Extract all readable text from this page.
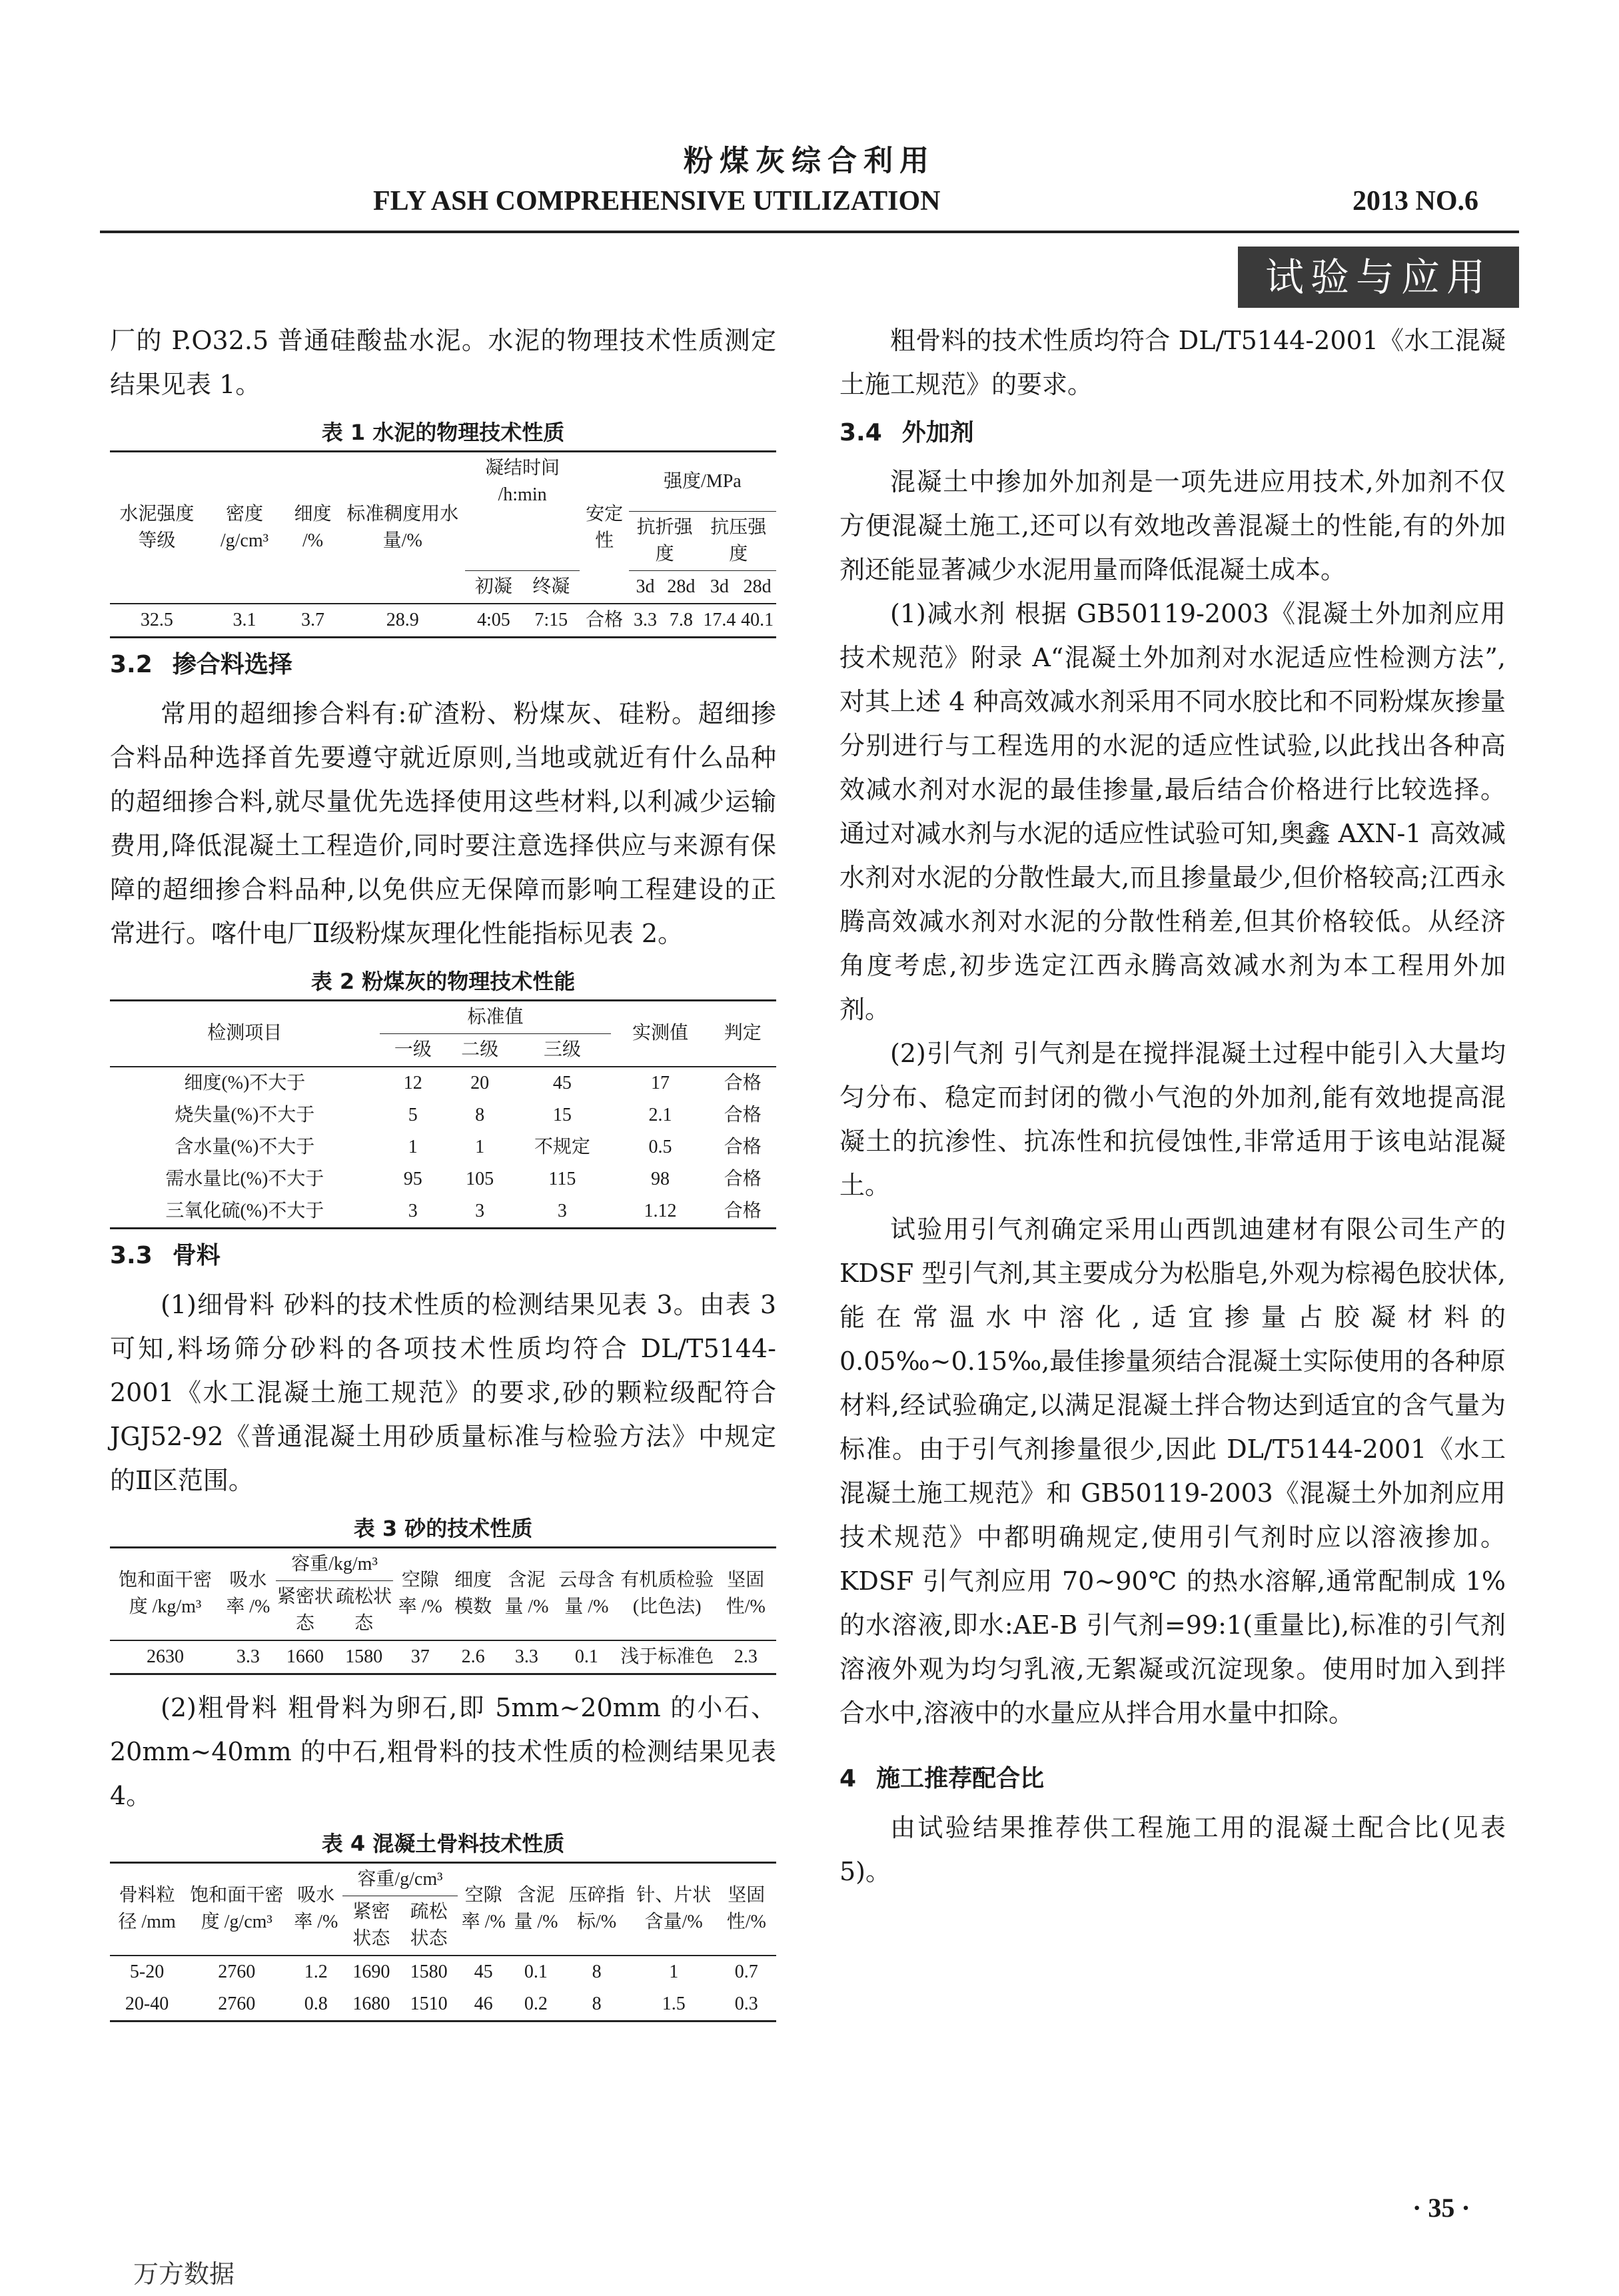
粉煤灰综合利用
FLY ASH COMPREHENSIVE UTILIZATION	2013 NO.6
试验与应用

厂的 P.O32.5 普通硅酸盐水泥。水泥的物理技术性质测定结果见表 1。

表 1 水泥的物理技术性质
水泥强度等级	密度 /g/cm³	细度 /%	标准稠度用水量/%	凝结时间 /h:min		安定性	强度/MPa			
							抗折强度		抗压强度	
				初凝	终凝		3d	28d	3d	28d
32.5	3.1	3.7	28.9	4:05	7:15	合格	3.3	7.8	17.4	40.1
3.2 掺合料选择

常用的超细掺合料有:矿渣粉、粉煤灰、硅粉。超细掺合料品种选择首先要遵守就近原则,当地或就近有什么品种的超细掺合料,就尽量优先选择使用这些材料,以利减少运输费用,降低混凝土工程造价,同时要注意选择供应与来源有保障的超细掺合料品种,以免供应无保障而影响工程建设的正常进行。喀什电厂Ⅱ级粉煤灰理化性能指标见表 2。

表 2 粉煤灰的物理技术性能
检测项目	标准值			实测值	判定
	一级	二级	三级		
细度(%)不大于	12	20	45	17	合格
烧失量(%)不大于	5	8	15	2.1	合格
含水量(%)不大于	1	1	不规定	0.5	合格
需水量比(%)不大于	95	105	115	98	合格
三氧化硫(%)不大于	3	3	3	1.12	合格
3.3 骨料

(1)细骨料 砂料的技术性质的检测结果见表 3。由表 3 可知,料场筛分砂料的各项技术性质均符合 DL/T5144-2001《水工混凝土施工规范》的要求,砂的颗粒级配符合 JGJ52-92《普通混凝土用砂质量标准与检验方法》中规定的Ⅱ区范围。

表 3 砂的技术性质
饱和面干密度 /kg/m³	吸水率 /%	容重/kg/m³		空隙率 /%	细度模数	含泥量 /%	云母含量 /%	有机质检验(比色法)	坚固性/%
		紧密状态	疏松状态						
2630	3.3	1660	1580	37	2.6	3.3	0.1	浅于标准色	2.3

(2)粗骨料 粗骨料为卵石,即 5mm~20mm 的小石、20mm~40mm 的中石,粗骨料的技术性质的检测结果见表 4。

表 4 混凝土骨料技术性质
骨料粒径 /mm	饱和面干密度 /g/cm³	吸水率 /%	容重/g/cm³		空隙率 /%	含泥量 /%	压碎指标/%	针、片状含量/%	坚固性/%
			紧密状态	疏松状态					
5-20	2760	1.2	1690	1580	45	0.1	8	1	0.7
20-40	2760	0.8	1680	1510	46	0.2	8	1.5	0.3

粗骨料的技术性质均符合 DL/T5144-2001《水工混凝土施工规范》的要求。

3.4 外加剂

混凝土中掺加外加剂是一项先进应用技术,外加剂不仅方便混凝土施工,还可以有效地改善混凝土的性能,有的外加剂还能显著减少水泥用量而降低混凝土成本。

(1)减水剂 根据 GB50119-2003《混凝土外加剂应用技术规范》附录 A“混凝土外加剂对水泥适应性检测方法”,对其上述 4 种高效减水剂采用不同水胶比和不同粉煤灰掺量分别进行与工程选用的水泥的适应性试验,以此找出各种高效减水剂对水泥的最佳掺量,最后结合价格进行比较选择。通过对减水剂与水泥的适应性试验可知,奥鑫 AXN-1 高效减水剂对水泥的分散性最大,而且掺量最少,但价格较高;江西永腾高效减水剂对水泥的分散性稍差,但其价格较低。从经济角度考虑,初步选定江西永腾高效减水剂为本工程用外加剂。

(2)引气剂 引气剂是在搅拌混凝土过程中能引入大量均匀分布、稳定而封闭的微小气泡的外加剂,能有效地提高混凝土的抗渗性、抗冻性和抗侵蚀性,非常适用于该电站混凝土。

试验用引气剂确定采用山西凯迪建材有限公司生产的 KDSF 型引气剂,其主要成分为松脂皂,外观为棕褐色胶状体,能在常温水中溶化,适宜掺量占胶凝材料的 0.05‰~0.15‰,最佳掺量须结合混凝土实际使用的各种原材料,经试验确定,以满足混凝土拌合物达到适宜的含气量为标准。由于引气剂掺量很少,因此 DL/T5144-2001《水工混凝土施工规范》和 GB50119-2003《混凝土外加剂应用技术规范》中都明确规定,使用引气剂时应以溶液掺加。KDSF 引气剂应用 70~90℃ 的热水溶解,通常配制成 1% 的水溶液,即水:AE-B 引气剂=99:1(重量比),标准的引气剂溶液外观为均匀乳液,无絮凝或沉淀现象。使用时加入到拌合水中,溶液中的水量应从拌合用水量中扣除。

4 施工推荐配合比

由试验结果推荐供工程施工用的混凝土配合比(见表 5)。

· 35 ·
万方数据
